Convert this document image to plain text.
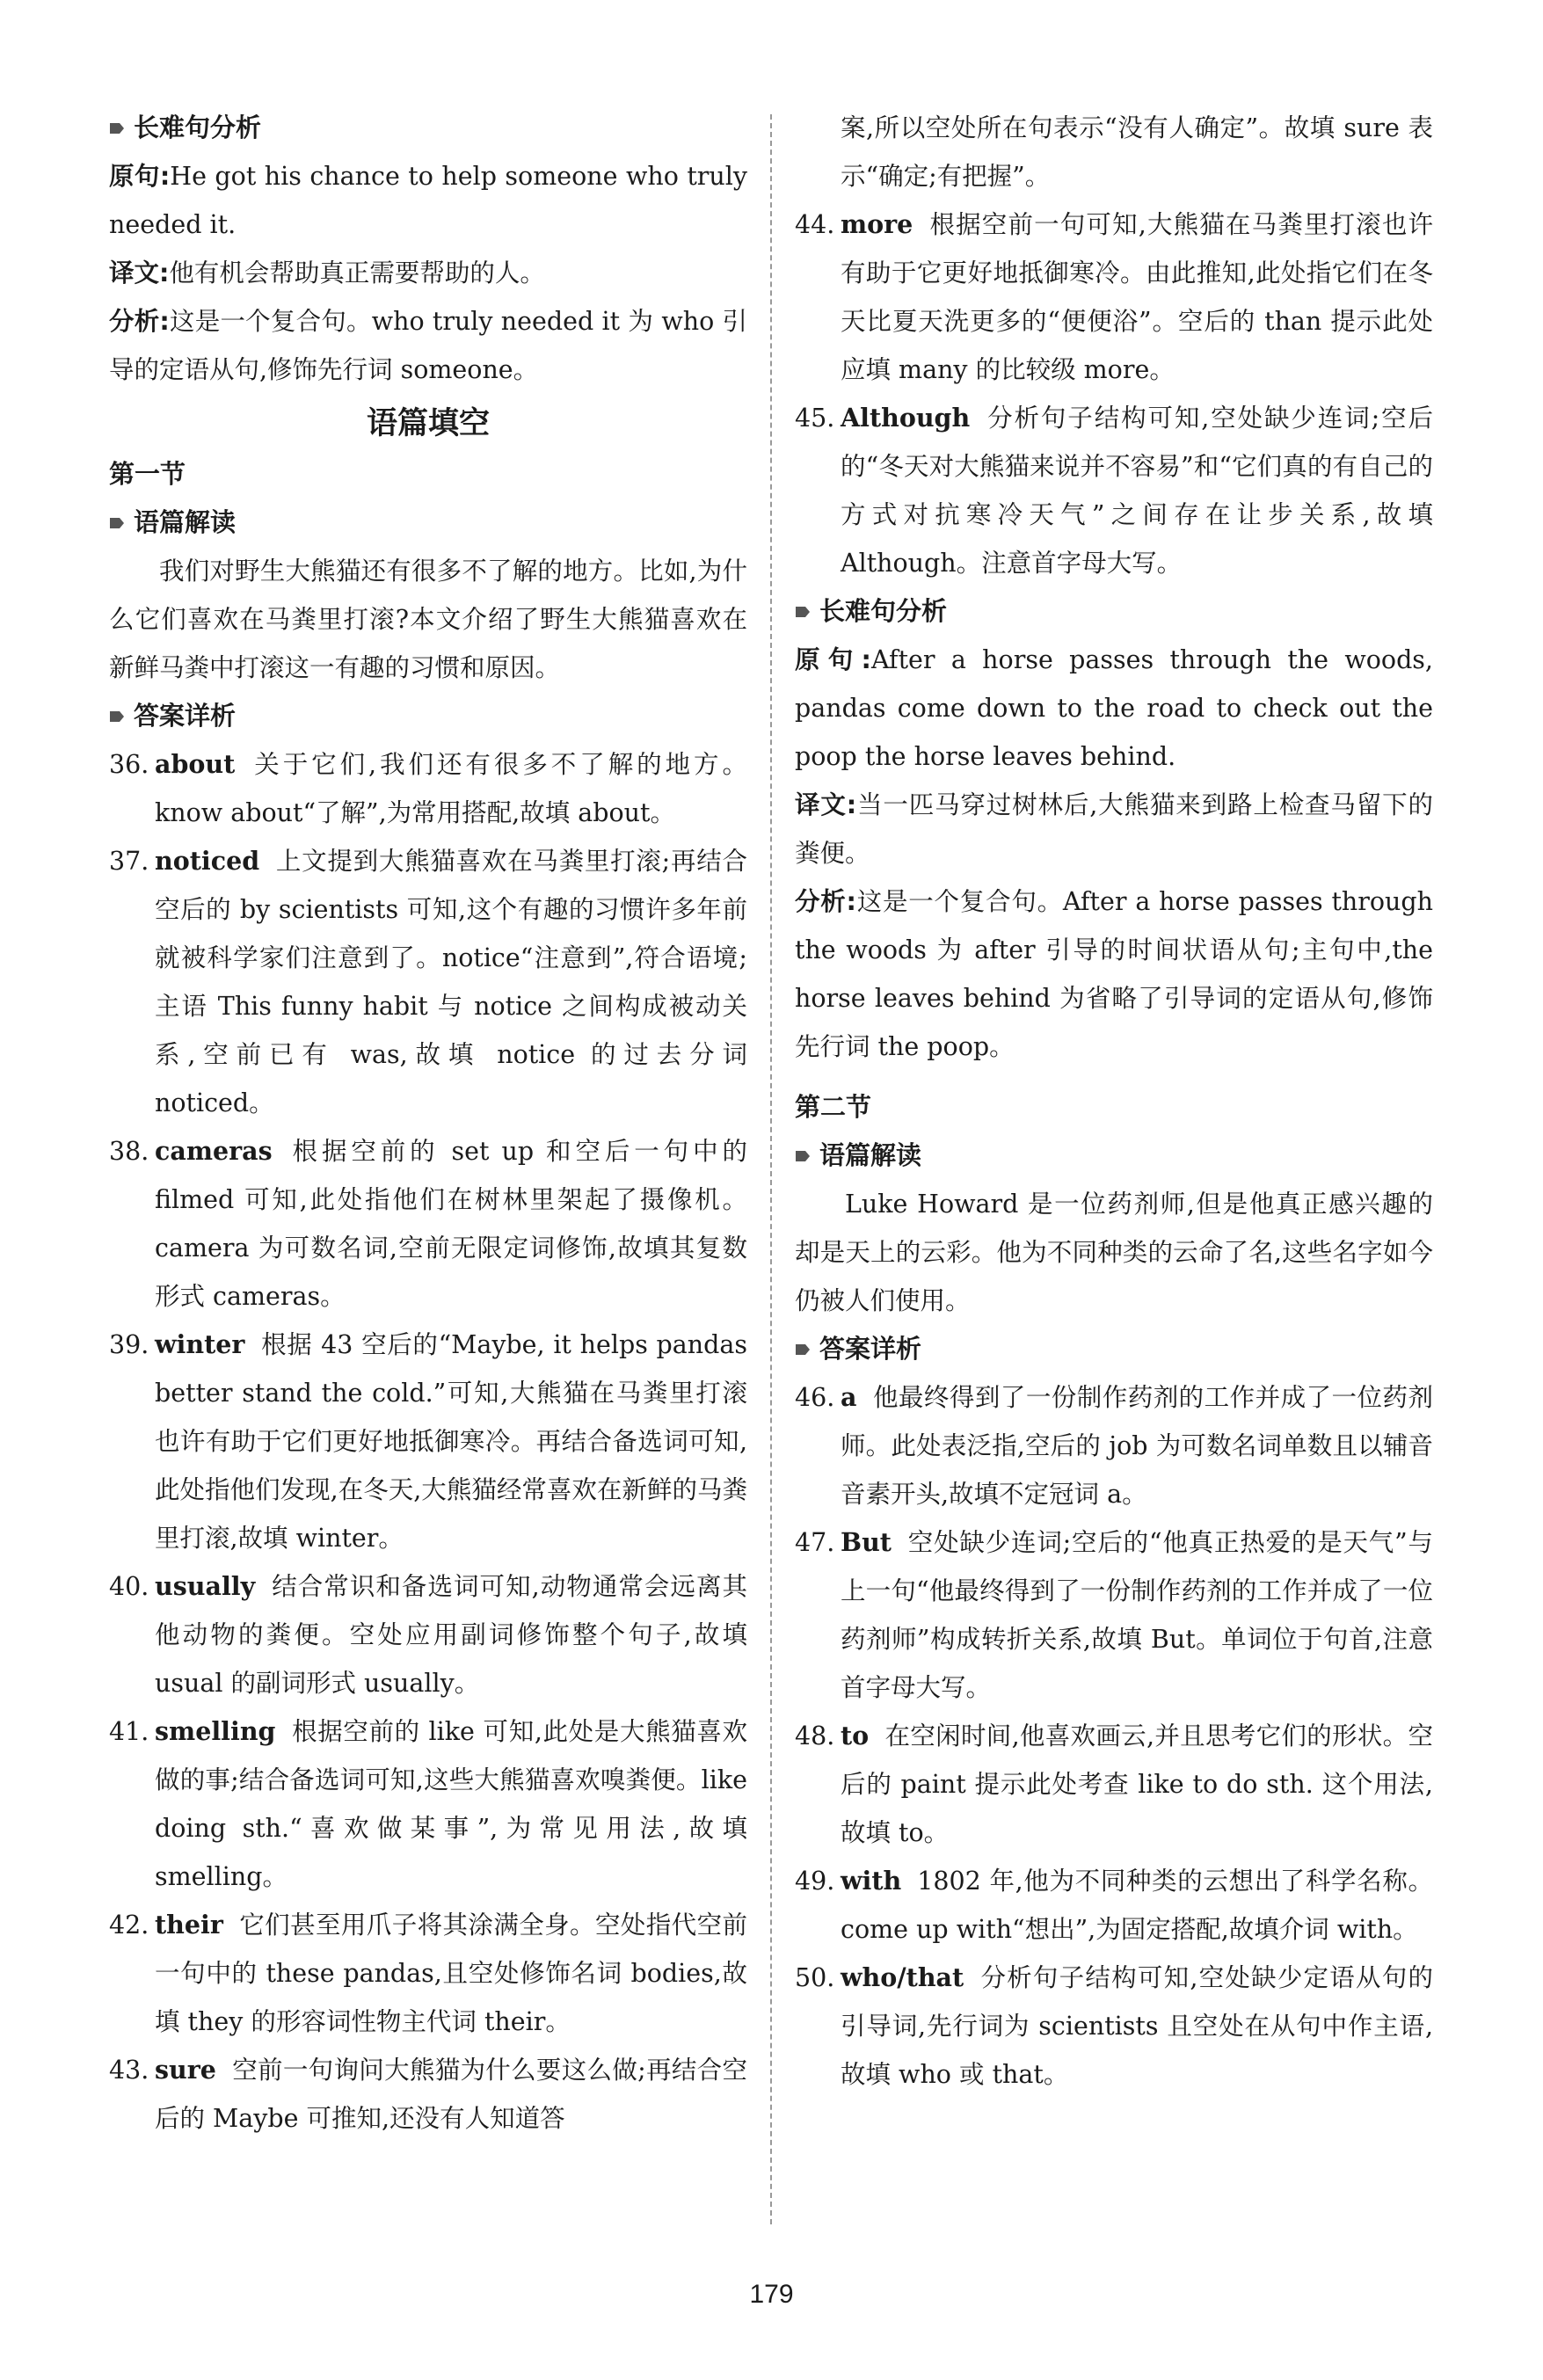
长难句分析

原句:He got his chance to help someone who truly needed it.

译文:他有机会帮助真正需要帮助的人。

分析:这是一个复合句。who truly needed it 为 who 引导的定语从句,修饰先行词 someone。

语篇填空
第一节
语篇解读

我们对野生大熊猫还有很多不了解的地方。比如,为什么它们喜欢在马粪里打滚?本文介绍了野生大熊猫喜欢在新鲜马粪中打滚这一有趣的习惯和原因。

答案详析
36. about 关于它们,我们还有很多不了解的地方。know about“了解”,为常用搭配,故填 about。
37. noticed 上文提到大熊猫喜欢在马粪里打滚;再结合空后的 by scientists 可知,这个有趣的习惯许多年前就被科学家们注意到了。notice“注意到”,符合语境;主语 This funny habit 与 notice 之间构成被动关系,空前已有 was,故填 notice 的过去分词 noticed。
38. cameras 根据空前的 set up 和空后一句中的 filmed 可知,此处指他们在树林里架起了摄像机。camera 为可数名词,空前无限定词修饰,故填其复数形式 cameras。
39. winter 根据 43 空后的“Maybe, it helps pandas better stand the cold.”可知,大熊猫在马粪里打滚也许有助于它们更好地抵御寒冷。再结合备选词可知,此处指他们发现,在冬天,大熊猫经常喜欢在新鲜的马粪里打滚,故填 winter。
40. usually 结合常识和备选词可知,动物通常会远离其他动物的粪便。空处应用副词修饰整个句子,故填 usual 的副词形式 usually。
41. smelling 根据空前的 like 可知,此处是大熊猫喜欢做的事;结合备选词可知,这些大熊猫喜欢嗅粪便。like doing sth.“喜欢做某事”,为常见用法,故填 smelling。
42. their 它们甚至用爪子将其涂满全身。空处指代空前一句中的 these pandas,且空处修饰名词 bodies,故填 they 的形容词性物主代词 their。
43. sure 空前一句询问大熊猫为什么要这么做;再结合空后的 Maybe 可推知,还没有人知道答
案,所以空处所在句表示“没有人确定”。故填 sure 表示“确定;有把握”。
44. more 根据空前一句可知,大熊猫在马粪里打滚也许有助于它更好地抵御寒冷。由此推知,此处指它们在冬天比夏天洗更多的“便便浴”。空后的 than 提示此处应填 many 的比较级 more。
45. Although 分析句子结构可知,空处缺少连词;空后的“冬天对大熊猫来说并不容易”和“它们真的有自己的方式对抗寒冷天气”之间存在让步关系,故填 Although。注意首字母大写。
长难句分析

原句:After a horse passes through the woods, pandas come down to the road to check out the poop the horse leaves behind.

译文:当一匹马穿过树林后,大熊猫来到路上检查马留下的粪便。

分析:这是一个复合句。After a horse passes through the woods 为 after 引导的时间状语从句;主句中,the horse leaves behind 为省略了引导词的定语从句,修饰先行词 the poop。

第二节
语篇解读

Luke Howard 是一位药剂师,但是他真正感兴趣的却是天上的云彩。他为不同种类的云命了名,这些名字如今仍被人们使用。

答案详析
46. a 他最终得到了一份制作药剂的工作并成了一位药剂师。此处表泛指,空后的 job 为可数名词单数且以辅音音素开头,故填不定冠词 a。
47. But 空处缺少连词;空后的“他真正热爱的是天气”与上一句“他最终得到了一份制作药剂的工作并成了一位药剂师”构成转折关系,故填 But。单词位于句首,注意首字母大写。
48. to 在空闲时间,他喜欢画云,并且思考它们的形状。空后的 paint 提示此处考查 like to do sth. 这个用法,故填 to。
49. with 1802 年,他为不同种类的云想出了科学名称。come up with“想出”,为固定搭配,故填介词 with。
50. who/that 分析句子结构可知,空处缺少定语从句的引导词,先行词为 scientists 且空处在从句中作主语,故填 who 或 that。
179
